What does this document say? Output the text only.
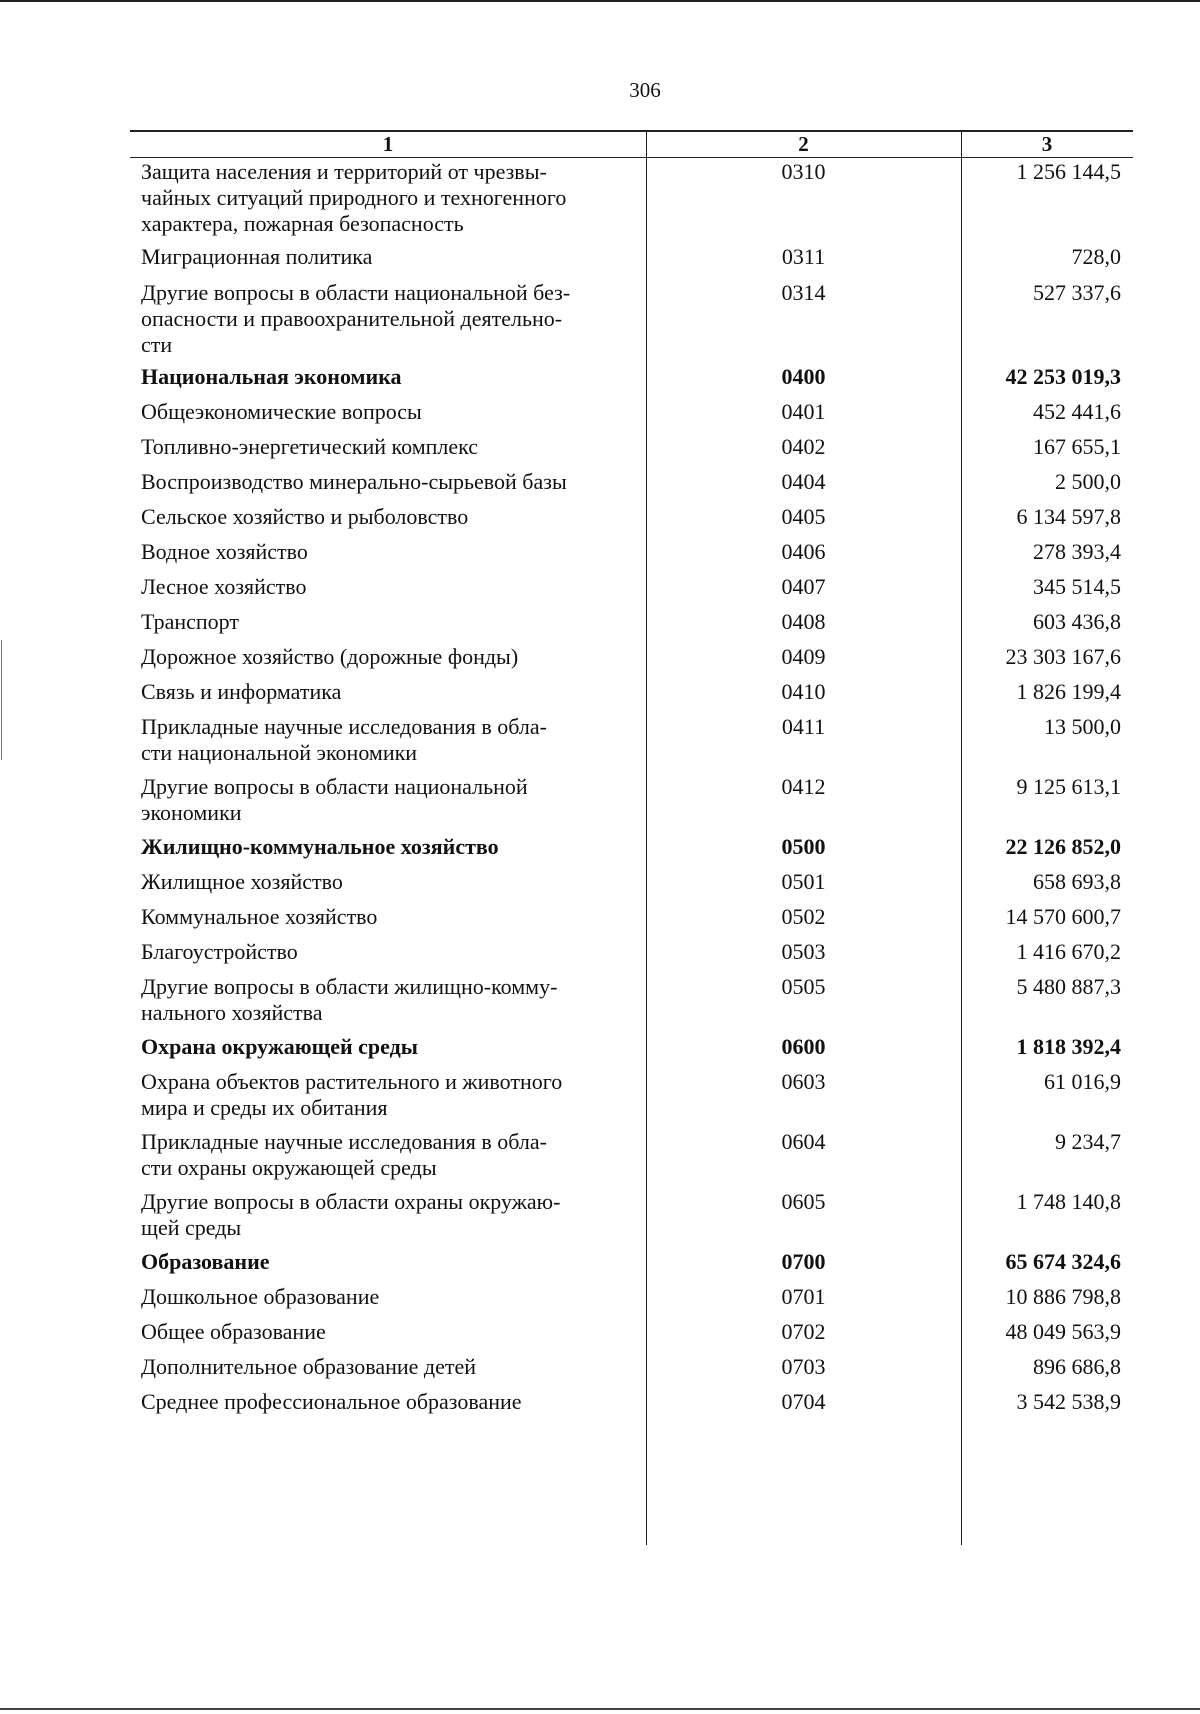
306
1	2	3
Защита населения и территорий от чрезвы-
чайных ситуаций природного и техногенного
характера, пожарная безопасность
0310	1 256 144,5
Миграционная политика	0311	728,0
Другие вопросы в области национальной без-
опасности и правоохранительной деятельно-
сти
0314	527 337,6
Национальная экономика	0400	42 253 019,3
Общеэкономические вопросы	0401	452 441,6
Топливно-энергетический комплекс	0402	167 655,1
Воспроизводство минерально-сырьевой базы	0404	2 500,0
Сельское хозяйство и рыболовство	0405	6 134 597,8
Водное хозяйство	0406	278 393,4
Лесное хозяйство	0407	345 514,5
Транспорт	0408	603 436,8
Дорожное хозяйство (дорожные фонды)	0409	23 303 167,6
Связь и информатика	0410	1 826 199,4
Прикладные научные исследования в обла-
сти национальной экономики
0411	13 500,0
Другие вопросы в области национальной
экономики
0412	9 125 613,1
Жилищно-коммунальное хозяйство	0500	22 126 852,0
Жилищное хозяйство	0501	658 693,8
Коммунальное хозяйство	0502	14 570 600,7
Благоустройство	0503	1 416 670,2
Другие вопросы в области жилищно-комму-
нального хозяйства
0505	5 480 887,3
Охрана окружающей среды	0600	1 818 392,4
Охрана объектов растительного и животного
мира и среды их обитания
0603	61 016,9
Прикладные научные исследования в обла-
сти охраны окружающей среды
0604	9 234,7
Другие вопросы в области охраны окружаю-
щей среды
0605	1 748 140,8
Образование	0700	65 674 324,6
Дошкольное образование	0701	10 886 798,8
Общее образование	0702	48 049 563,9
Дополнительное образование детей	0703	896 686,8
Среднее профессиональное образование	0704	3 542 538,9
